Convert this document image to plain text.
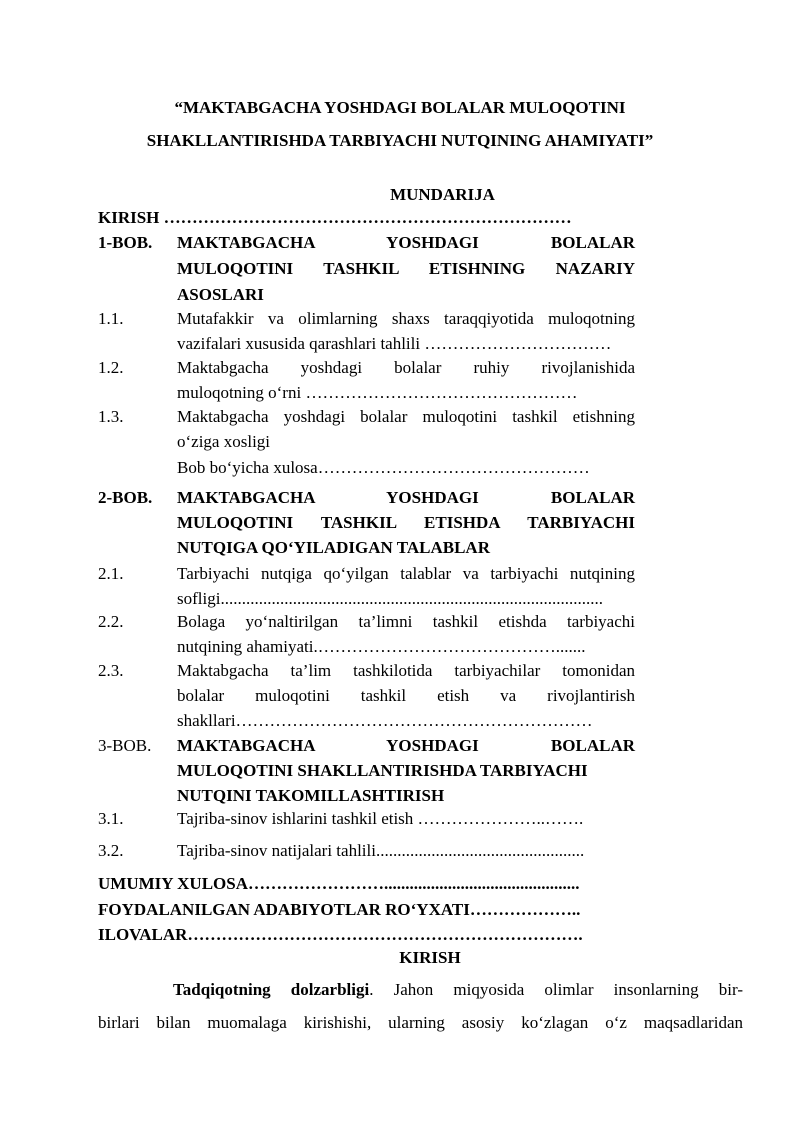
“MAKTABGACHA YOSHDAGI BOLALAR MULOQOTINI
SHAKLLANTIRISHDA TARBIYACHI NUTQINING AHAMIYATI”
MUNDARIJA
KIRISH ………………………………………………………………
1-BOB. MAKTABGACHA YOSHDAGI BOLALAR
MULOQOTINI TASHKIL ETISHNING NAZARIY
ASOSLARI
1.1.	Mutafakkir va olimlarning shaxs taraqqiyotida muloqotning
vazifalari xususida qarashlari tahlili ……………………………
1.2.	Maktabgacha yoshdagi bolalar ruhiy rivojlanishida
muloqotning o‘rni …………………………………………
1.3.	Maktabgacha yoshdagi bolalar muloqotini tashkil etishning
o‘ziga xosligi
Bob bo‘yicha xulosa…………………………………………
2-BOB. MAKTABGACHA YOSHDAGI BOLALAR
MULOQOTINI TASHKIL ETISHDA TARBIYACHI
NUTQIGA QO‘YILADIGAN TALABLAR
2.1.	Tarbiyachi nutqiga qo‘yilgan talablar va tarbiyachi nutqining
sofligi..........................................................................................
2.2.	Bolaga yo‘naltirilgan ta’limni tashkil etishda tarbiyachi
nutqining ahamiyati.…………………………………….......
2.3.	Maktabgacha ta’lim tashkilotida tarbiyachilar tomonidan
bolalar muloqotini tashkil etish va rivojlantirish
shakllari………………………………………………………
3-BOB. MAKTABGACHA YOSHDAGI BOLALAR
MULOQOTINI SHAKLLANTIRISHDA TARBIYACHI
NUTQINI TAKOMILLASHTIRISH
3.1.	Tajriba-sinov ishlarini tashkil etish …………………..…….
3.2.	Tajriba-sinov natijalari tahlili.................................................
UMUMIY XULOSA……………………..............................................
FOYDALANILGAN ADABIYOTLAR RO‘YXATI………………..
ILOVALAR…………………………………………………………….
KIRISH
Tadqiqotning dolzarbligi. Jahon miqyosida olimlar insonlarning bir-
birlari bilan muomalaga kirishishi, ularning asosiy ko‘zlagan o‘z maqsadlaridan
